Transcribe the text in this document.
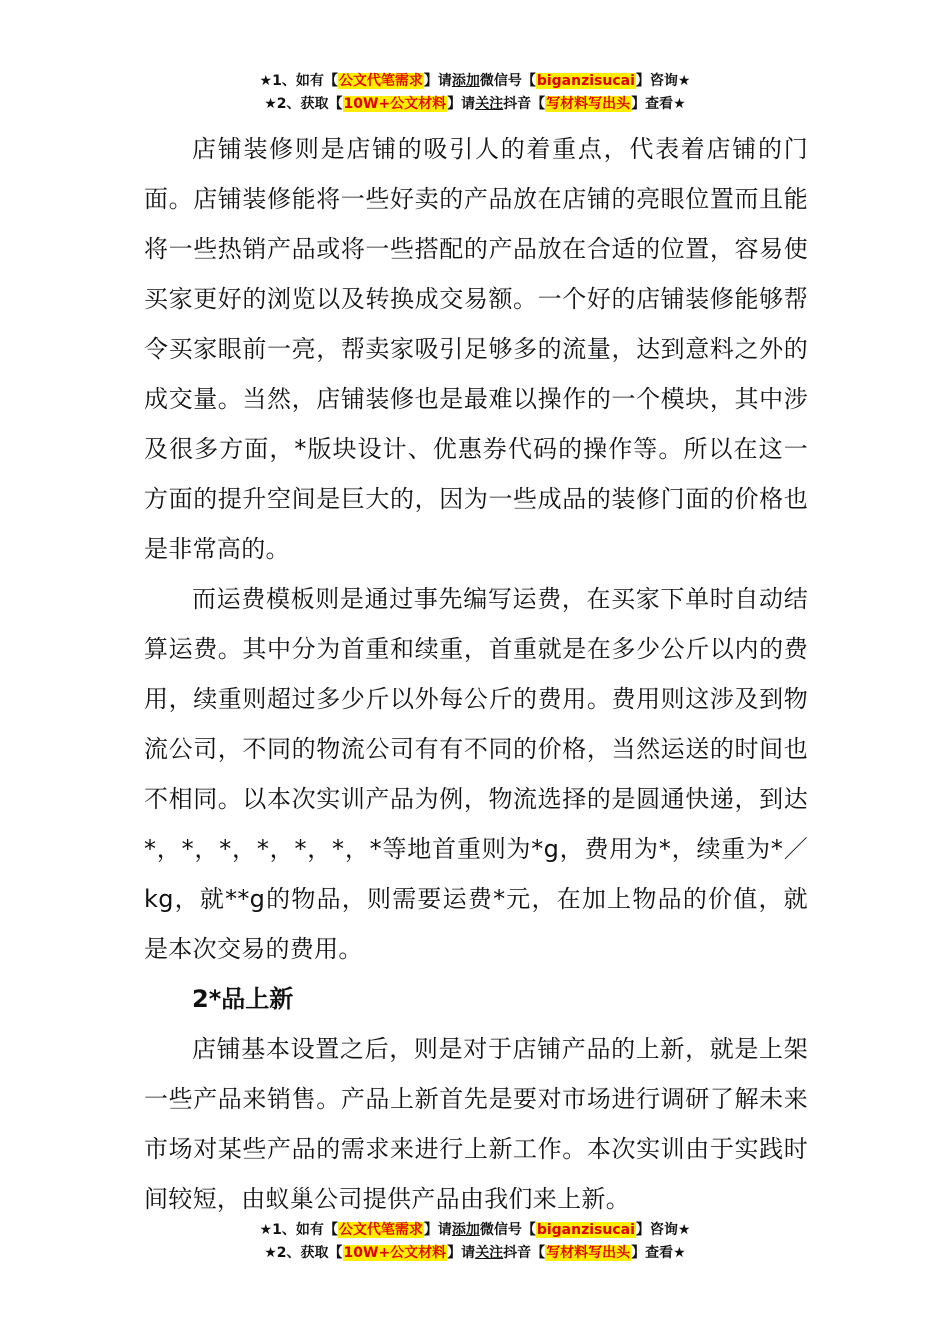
★1、如有【公文代笔需求】请添加微信号【biganzisucai】咨询★
★2、获取【10W+公文材料】请关注抖音【写材料写出头】查看★

店铺装修则是店铺的吸引人的着重点，代表着店铺的门面。店铺装修能将一些好卖的产品放在店铺的亮眼位置而且能将一些热销产品或将一些搭配的产品放在合适的位置，容易使买家更好的浏览以及转换成交易额。一个好的店铺装修能够帮令买家眼前一亮，帮卖家吸引足够多的流量，达到意料之外的成交量。当然，店铺装修也是最难以操作的一个模块，其中涉及很多方面，*版块设计、优惠券代码的操作等。所以在这一方面的提升空间是巨大的，因为一些成品的装修门面的价格也是非常高的。

而运费模板则是通过事先编写运费，在买家下单时自动结算运费。其中分为首重和续重，首重就是在多少公斤以内的费用，续重则超过多少斤以外每公斤的费用。费用则这涉及到物流公司，不同的物流公司有有不同的价格，当然运送的时间也不相同。以本次实训产品为例，物流选择的是圆通快递，到达*，*，*，*，*，*，*等地首重则为*g，费用为*，续重为*／kg，就**g的物品，则需要运费*元，在加上物品的价值，就是本次交易的费用。

2*品上新

店铺基本设置之后，则是对于店铺产品的上新，就是上架一些产品来销售。产品上新首先是要对市场进行调研了解未来市场对某些产品的需求来进行上新工作。本次实训由于实践时间较短，由蚁巢公司提供产品由我们来上新。

★1、如有【公文代笔需求】请添加微信号【biganzisucai】咨询★
★2、获取【10W+公文材料】请关注抖音【写材料写出头】查看★
